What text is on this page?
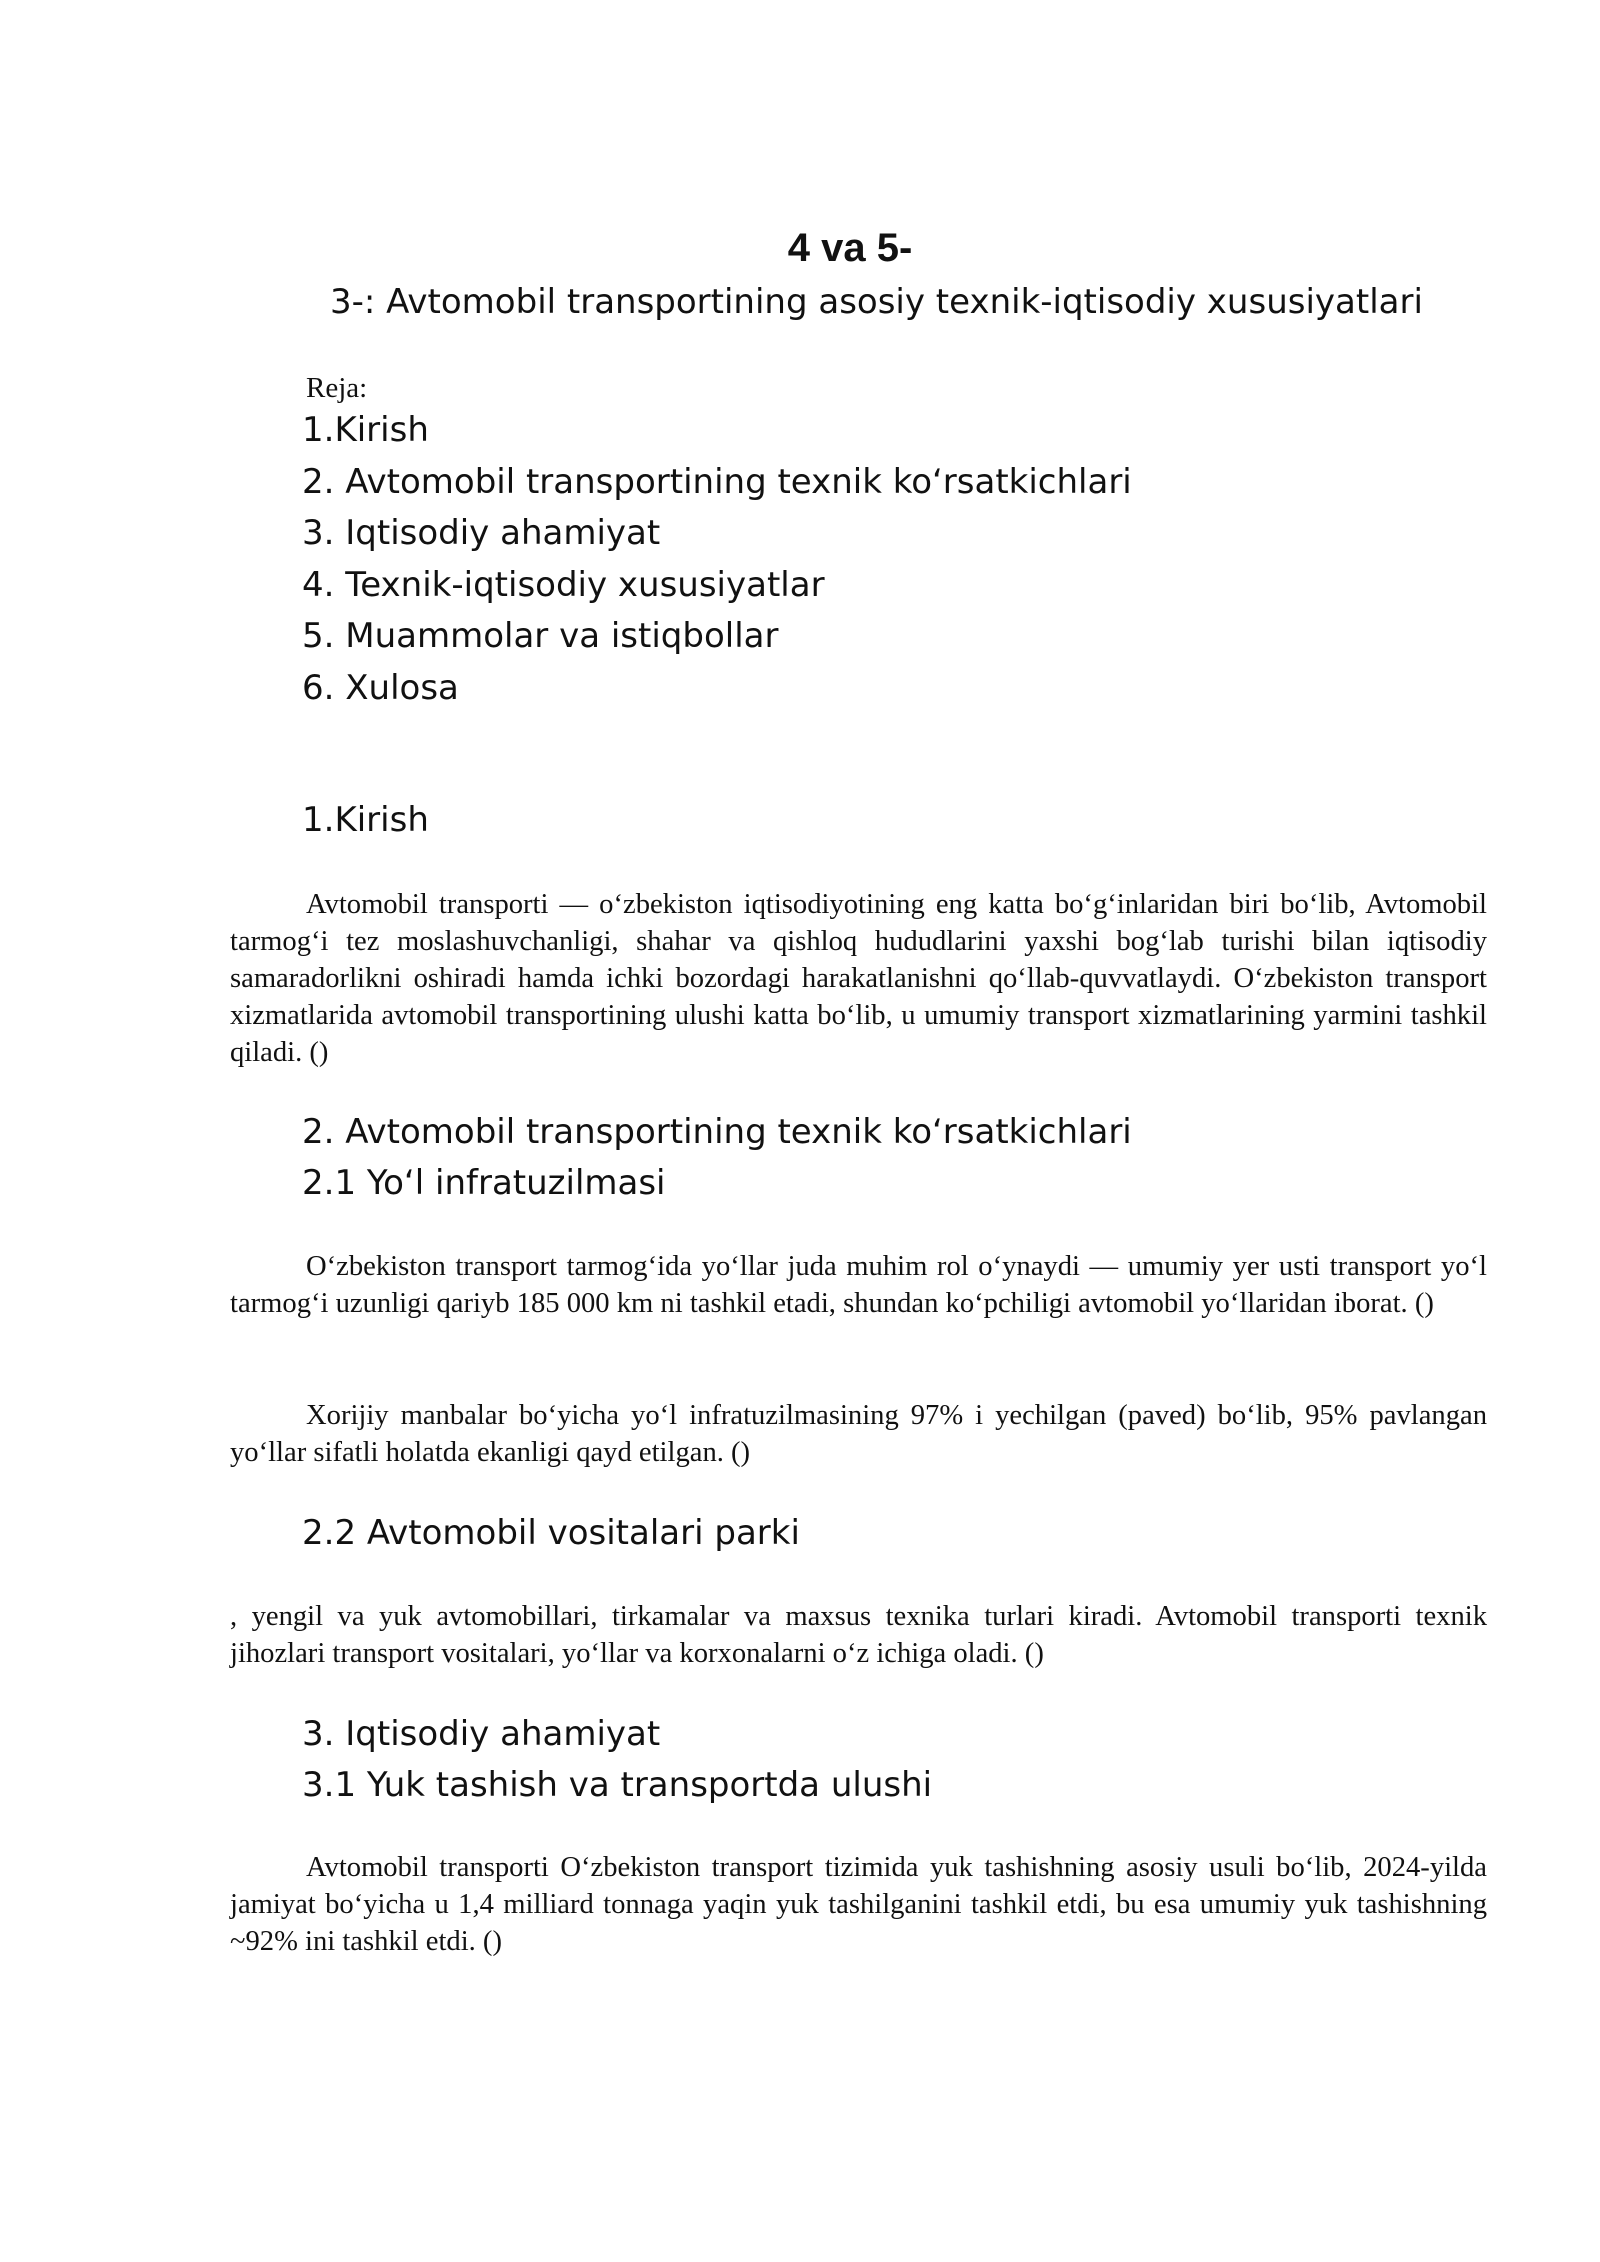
4 va 5-
3-: Avtomobil transportining asosiy texnik-iqtisodiy xususiyatlari

Reja:

1.Kirish
2. Avtomobil transportining texnik ko‘rsatkichlari
3. Iqtisodiy ahamiyat
4. Texnik-iqtisodiy xususiyatlar
5. Muammolar va istiqbollar
6. Xulosa
1.Kirish

Avtomobil transporti — o‘zbekiston iqtisodiyotining eng katta bo‘g‘inlaridan biri bo‘lib, Avtomobil tarmog‘i tez moslashuvchanligi, shahar va qishloq hududlarini yaxshi bog‘lab turishi bilan iqtisodiy samaradorlikni oshiradi hamda ichki bozordagi harakatlanishni qo‘llab-quvvatlaydi. O‘zbekiston transport xizmatlarida avtomobil transportining ulushi katta bo‘lib, u umumiy transport xizmatlarining yarmini tashkil qiladi. ()

2. Avtomobil transportining texnik ko‘rsatkichlari
2.1 Yo‘l infratuzilmasi

O‘zbekiston transport tarmog‘ida yo‘llar juda muhim rol o‘ynaydi — umumiy yer usti transport yo‘l tarmog‘i uzunligi qariyb 185 000 km ni tashkil etadi, shundan ko‘pchiligi avtomobil yo‘llaridan iborat. ()

Xorijiy manbalar bo‘yicha yo‘l infratuzilmasining 97% i yechilgan (paved) bo‘lib, 95% pavlangan yo‘llar sifatli holatda ekanligi qayd etilgan. ()

2.2 Avtomobil vositalari parki

, yengil va yuk avtomobillari, tirkamalar va maxsus texnika turlari kiradi. Avtomobil transporti texnik jihozlari transport vositalari, yo‘llar va korxonalarni o‘z ichiga oladi. ()

3. Iqtisodiy ahamiyat
3.1 Yuk tashish va transportda ulushi

Avtomobil transporti O‘zbekiston transport tizimida yuk tashishning asosiy usuli bo‘lib, 2024-yilda jamiyat bo‘yicha u 1,4 milliard tonnaga yaqin yuk tashilganini tashkil etdi, bu esa umumiy yuk tashishning ~92% ini tashkil etdi. ()
